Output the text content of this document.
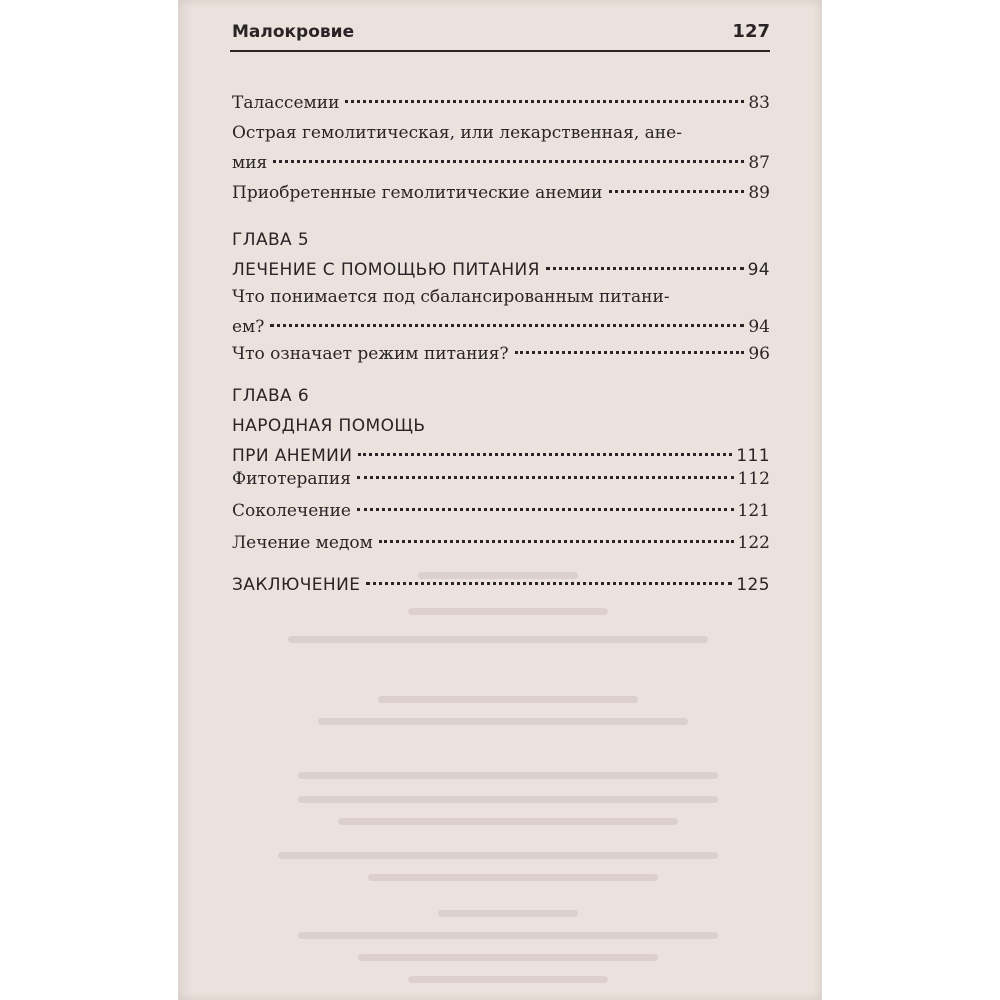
Малокровие	127
Талассемии	83
Острая гемолитическая, или лекарственная, ане-
мия	87
Приобретенные гемолитические анемии	89
ГЛАВА 5
ЛЕЧЕНИЕ С ПОМОЩЬЮ ПИТАНИЯ	94
Что понимается под сбалансированным питани-
ем?	94
Что означает режим питания?	96
ГЛАВА 6
НАРОДНАЯ ПОМОЩЬ
ПРИ АНЕМИИ	111
Фитотерапия	112
Соколечение	121
Лечение медом	122
ЗАКЛЮЧЕНИЕ	125
